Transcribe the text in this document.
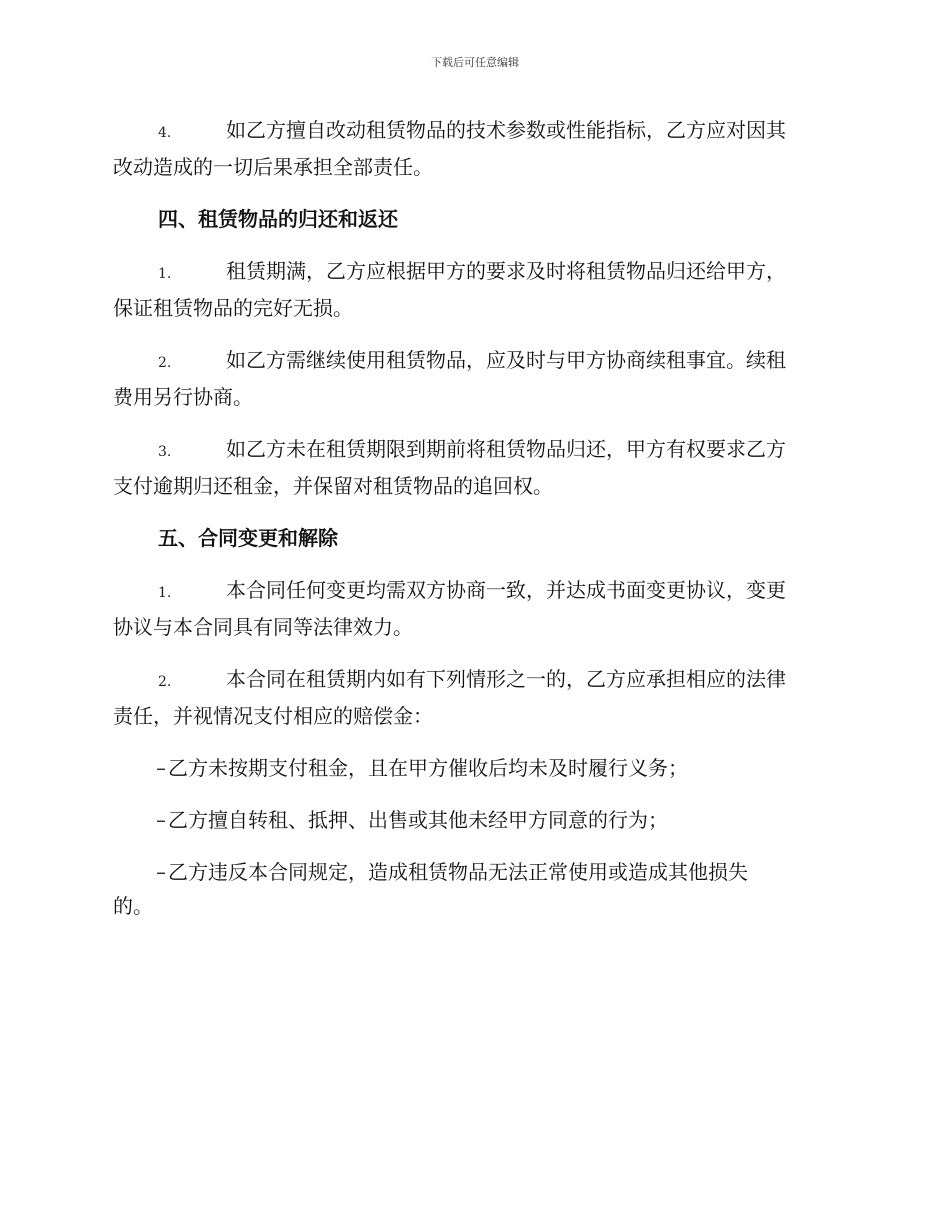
下载后可任意编辑
4.	如乙方擅自改动租赁物品的技术参数或性能指标，乙方应对因其
改动造成的一切后果承担全部责任。
四、租赁物品的归还和返还
1.	租赁期满，乙方应根据甲方的要求及时将租赁物品归还给甲方，
保证租赁物品的完好无损。
2.	如乙方需继续使用租赁物品，应及时与甲方协商续租事宜。续租
费用另行协商。
3.	如乙方未在租赁期限到期前将租赁物品归还，甲方有权要求乙方
支付逾期归还租金，并保留对租赁物品的追回权。
五、合同变更和解除
1.	本合同任何变更均需双方协商一致，并达成书面变更协议，变更
协议与本合同具有同等法律效力。
2.	本合同在租赁期内如有下列情形之一的，乙方应承担相应的法律
责任，并视情况支付相应的赔偿金：
– 乙方未按期支付租金，且在甲方催收后均未及时履行义务；
– 乙方擅自转租、抵押、出售或其他未经甲方同意的行为；
– 乙方违反本合同规定，造成租赁物品无法正常使用或造成其他损失
的。
